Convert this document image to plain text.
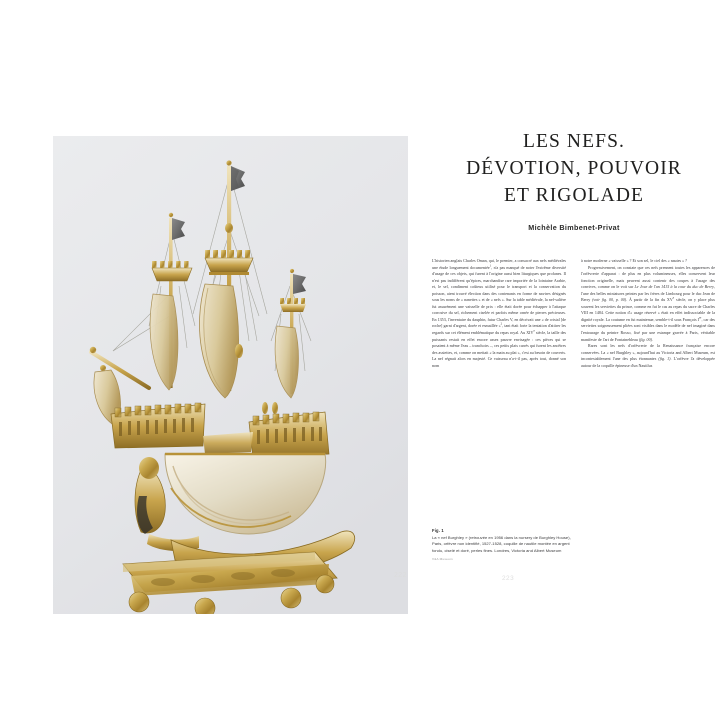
222
LES NEFS.
DÉVOTION, POUVOIR
ET RIGOLADE
Michèle Bimbenet-Privat

L'historien anglais Charles Oman, qui, le premier, a consacré aux nefs médiévales une étude longuement documentée$^1$, n'a pas manqué de noter l'extrême diversité d'usage de ces objets, qui furent à l'origine aussi bien liturgiques que profanes. Il n'est pas indifférent qu'épices, marchandise rare importée de la lointaine Arabie, et, le sel, condiment coûteux utilisé pour le transport et la conservation du poisson, aient trouvé élection dans des contenants en forme de navires désignés sous les noms de « nanettes » et de « nefs ». Sur la table médiévale, la nef-salière fut assurément une vaisselle de prix : elle était dorée pour échapper à l'attaque corrosive du sel, richement ciselée et parfois même ornée de pierres précieuses. En 1353, l'inventaire du dauphin, futur Charles V, en décrivait une « de cristal [de roche] garni d'argent, dorée et esmaillée »$^2$, tant était forte la tentation d'attirer les regards sur cet élément emblématique du repas royal. Au XIVe siècle, la taille des puissants restait en effet encore assez pauvre envisagée : ces pièces qui se posaient à même l'eau – tranchoirs –, ces petits plats carrés qui furent les ancêtres des assiettes, et, comme on mettait « la main au plat », c'est au besoin de couverts. La nef régnait alors en majesté. Ce vaisseau n'a-t-il pas, après tout, donné son nom

à notre moderne « vaisselle » ? Et son sel, le ciel des « nautes » ?

Progressivement, on constate que ces nefs prennent toutes les apparences de l'orfèvrerie d'apparat : de plus en plus volumineuses, elles conservent leur fonction originelle, mais peuvent aussi contenir des coupes à l'usage des convives, comme on le voit sur Le Jour de l'an 1415 à la cour du duc de Berry, l'une des belles miniatures peintes par les frères de Limbourg pour le duc Jean de Berry (voir fig. 00, p. 00). À partir de la fin du XVe siècle, on y place plus souvent les serviettes du prince, comme en fut le cas au repas du sacre de Charles VIII en 1484. Cette notion d'« usage réservé » était en effet indissociable de la dignité royale. La coutume en fut maintenue, semble-t-il sous François Ier, car des serviettes soigneusement pliées sont visibles dans le modèle de nef imaginé dans l'entourage du peintre Rosso, fixé par une estampe gravée à Paris, véritable manifeste de l'art de Fontainebleau (fig. 00).

Rares sont les nefs d'orfèvrerie de la Renaissance française encore conservées. La « nef Burghley », aujourd'hui au Victoria and Albert Museum, est incontestablement l'une des plus étonnantes (fig. 1). L'orfèvre l'a développée autour de la coquille épineuse d'un Nautilus

Fig. 1
La « nef Burghley » (retrouvée en 1956 dans la nursery de Burghley House), Paris, orfèvre non identifié, 1527-1528, coquille de nautile montée en argent fondu, ciselé et doré, perles fines. Londres, Victoria and Albert Museum
V&A Museum
223
